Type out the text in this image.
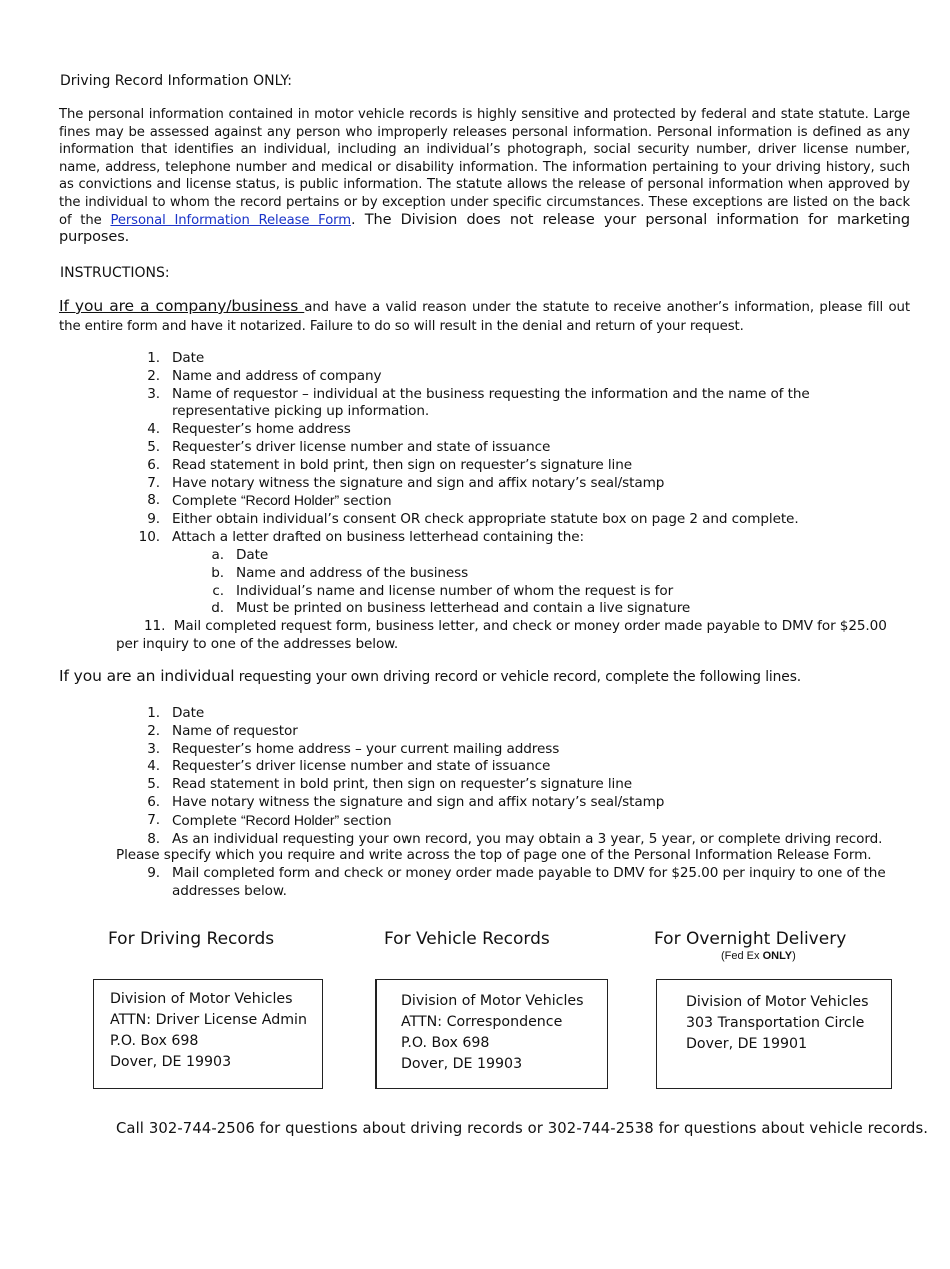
Driving Record Information ONLY:
The personal information contained in motor vehicle records is highly sensitive and protected by federal and state statute. Large fines may be assessed against any person who improperly releases personal information. Personal information is defined as any information that identifies an individual, including an individual’s photograph, social security number, driver license number, name, address, telephone number and medical or disability information. The information pertaining to your driving history, such as convictions and license status, is public information. The statute allows the release of personal information when approved by the individual to whom the record pertains or by exception under specific circumstances. These exceptions are listed on the back of the Personal Information Release Form. The Division does not release your personal information for marketing purposes.
INSTRUCTIONS:
If you are a company/business and have a valid reason under the statute to receive another’s information, please fill out the entire form and have it notarized. Failure to do so will result in the denial and return of your request.
1. Date
2. Name and address of company
3. Name of requestor – individual at the business requesting the information and the name of the representative picking up information.
4. Requester’s home address
5. Requester’s driver license number and state of issuance
6. Read statement in bold print, then sign on requester’s signature line
7. Have notary witness the signature and sign and affix notary’s seal/stamp
8. Complete “Record Holder” section
9. Either obtain individual’s consent OR check appropriate statute box on page 2 and complete.
10. Attach a letter drafted on business letterhead containing the:
a. Date
b. Name and address of the business
c. Individual’s name and license number of whom the request is for
d. Must be printed on business letterhead and contain a live signature
11. Mail completed request form, business letter, and check or money order made payable to DMV for $25.00
per inquiry to one of the addresses below.
If you are an individual requesting your own driving record or vehicle record, complete the following lines.
1. Date
2. Name of requestor
3. Requester’s home address – your current mailing address
4. Requester’s driver license number and state of issuance
5. Read statement in bold print, then sign on requester’s signature line
6. Have notary witness the signature and sign and affix notary’s seal/stamp
7. Complete “Record Holder” section
8. As an individual requesting your own record, you may obtain a 3 year, 5 year, or complete driving record.
Please specify which you require and write across the top of page one of the Personal Information Release Form.
9. Mail completed form and check or money order made payable to DMV for $25.00 per inquiry to one of the addresses below.
For Driving Records	For Vehicle Records	For Overnight Delivery
(Fed Ex ONLY)
Division of Motor Vehicles
ATTN: Driver License Admin
P.O. Box 698
Dover, DE 19903
Division of Motor Vehicles
ATTN: Correspondence
P.O. Box 698
Dover, DE 19903
Division of Motor Vehicles
303 Transportation Circle
Dover, DE 19901
Call 302-744-2506 for questions about driving records or 302-744-2538 for questions about vehicle records.
